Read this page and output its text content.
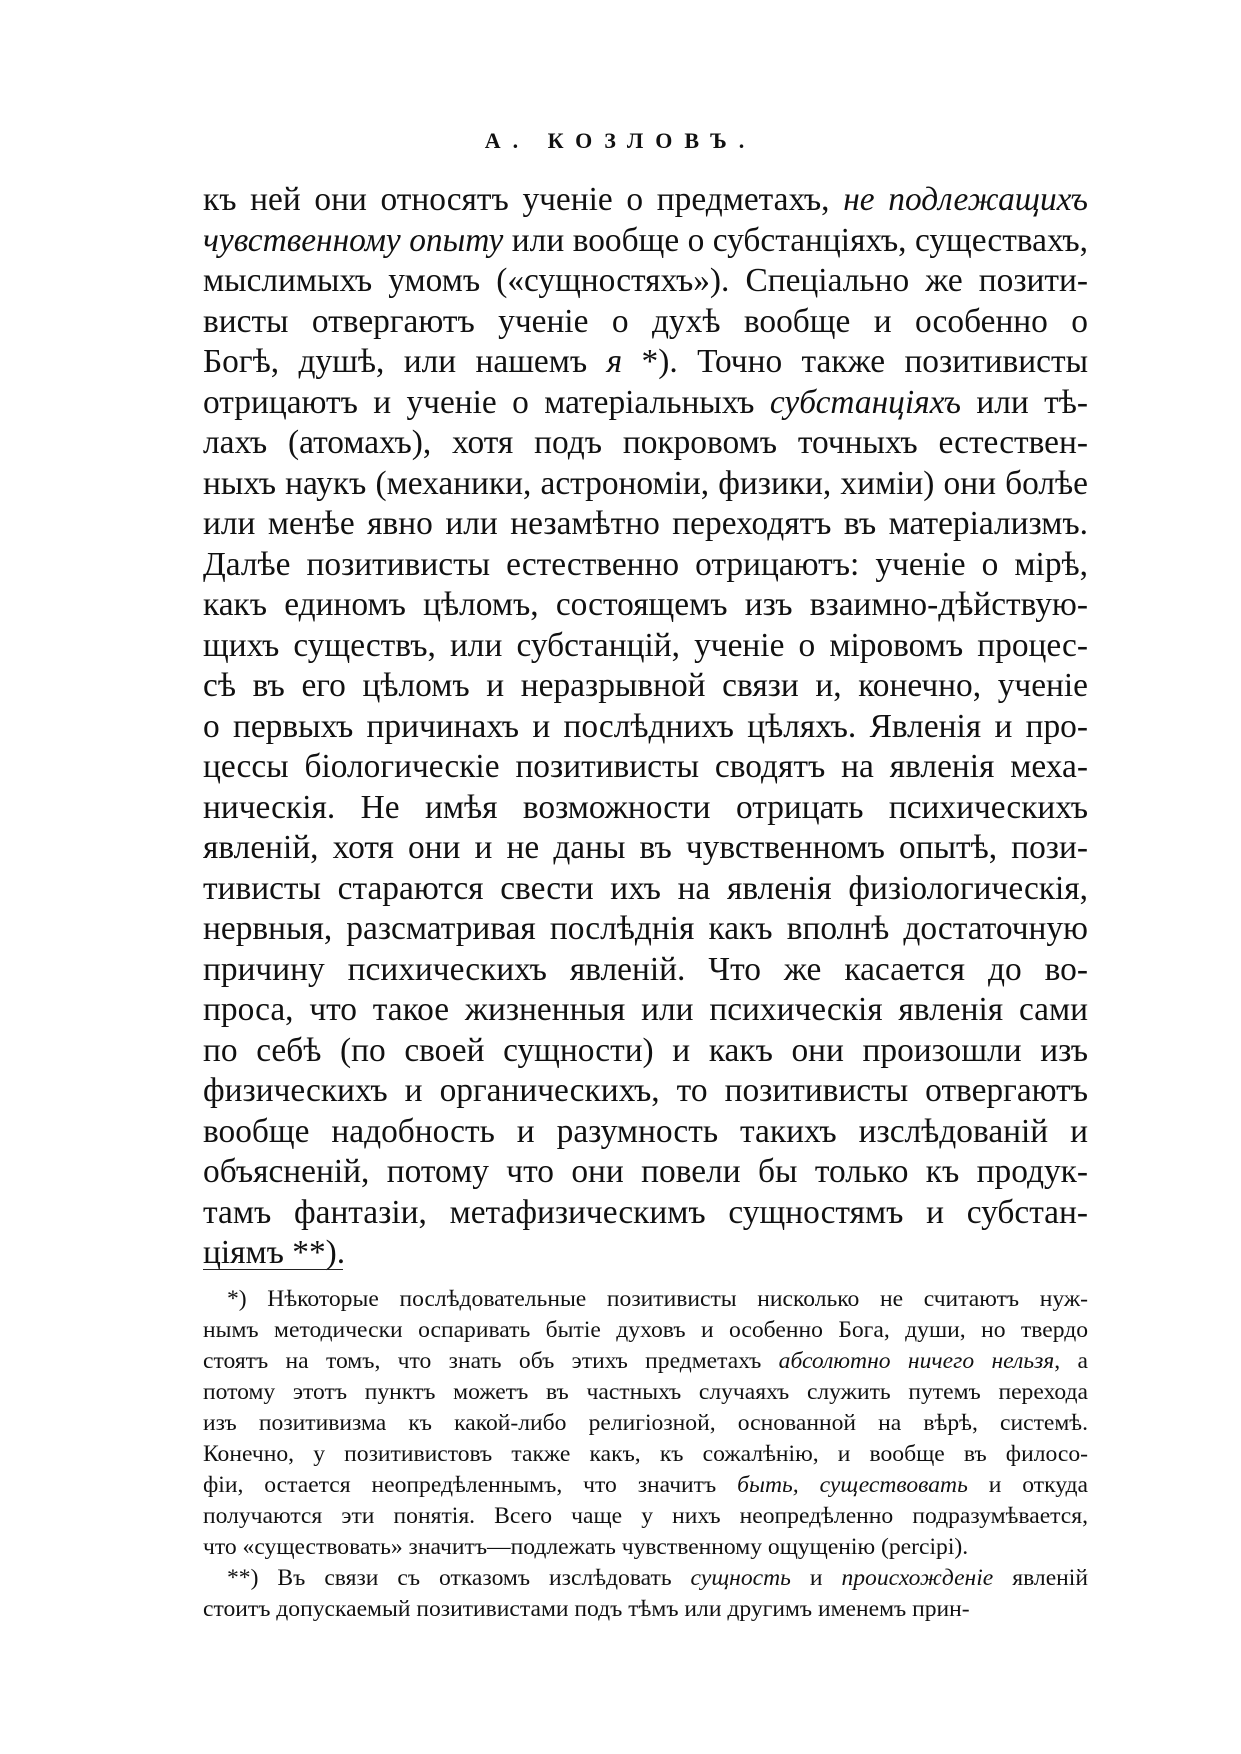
А. КОЗЛОВЪ.
къ ней они относятъ ученіе о предметахъ, не подлежащихъ
чувственному опыту или вообще о субстанціяхъ, существахъ,
мыслимыхъ умомъ («сущностяхъ»). Спеціально же позити-
висты отвергаютъ ученіе о духѣ вообще и особенно о
Богѣ, душѣ, или нашемъ я *). Точно также позитивисты
отрицаютъ и ученіе о матеріальныхъ субстанціяхъ или тѣ-
лахъ (атомахъ), хотя подъ покровомъ точныхъ естествен-
ныхъ наукъ (механики, астрономіи, физики, химіи) они болѣе
или менѣе явно или незамѣтно переходятъ въ матеріализмъ.
Далѣе позитивисты естественно отрицаютъ: ученіе о мірѣ,
какъ единомъ цѣломъ, состоящемъ изъ взаимно-дѣйствую-
щихъ существъ, или субстанцій, ученіе о міровомъ процес-
сѣ въ его цѣломъ и неразрывной связи и, конечно, ученіе
о первыхъ причинахъ и послѣднихъ цѣляхъ. Явленія и про-
цессы біологическіе позитивисты сводятъ на явленія меха-
ническія. Не имѣя возможности отрицать психическихъ
явленій, хотя они и не даны въ чувственномъ опытѣ, пози-
тивисты стараются свести ихъ на явленія физіологическія,
нервныя, разсматривая послѣднія какъ вполнѣ достаточную
причину психическихъ явленій. Что же касается до во-
проса, что такое жизненныя или психическія явленія сами
по себѣ (по своей сущности) и какъ они произошли изъ
физическихъ и органическихъ, то позитивисты отвергаютъ
вообще надобность и разумность такихъ изслѣдованій и
объясненій, потому что они повели бы только къ продук-
тамъ фантазіи, метафизическимъ сущностямъ и субстан-
ціямъ **).
*) Нѣкоторые послѣдовательные позитивисты нисколько не считаютъ нуж-
нымъ методически оспаривать бытіе духовъ и особенно Бога, души, но твердо
стоятъ на томъ, что знать объ этихъ предметахъ абсолютно ничего нельзя, а
потому этотъ пунктъ можетъ въ частныхъ случаяхъ служить путемъ перехода
изъ позитивизма къ какой-либо религіозной, основанной на вѣрѣ, системѣ.
Конечно, у позитивистовъ также какъ, къ сожалѣнію, и вообще въ филосо-
фіи, остается неопредѣленнымъ, что значитъ быть, существовать и откуда
получаются эти понятія. Всего чаще у нихъ неопредѣленно подразумѣвается,
что «существовать» значитъ—подлежать чувственному ощущенію (percipi).
**) Въ связи съ отказомъ изслѣдовать сущность и происхожденіе явленій
стоитъ допускаемый позитивистами подъ тѣмъ или другимъ именемъ прин-
